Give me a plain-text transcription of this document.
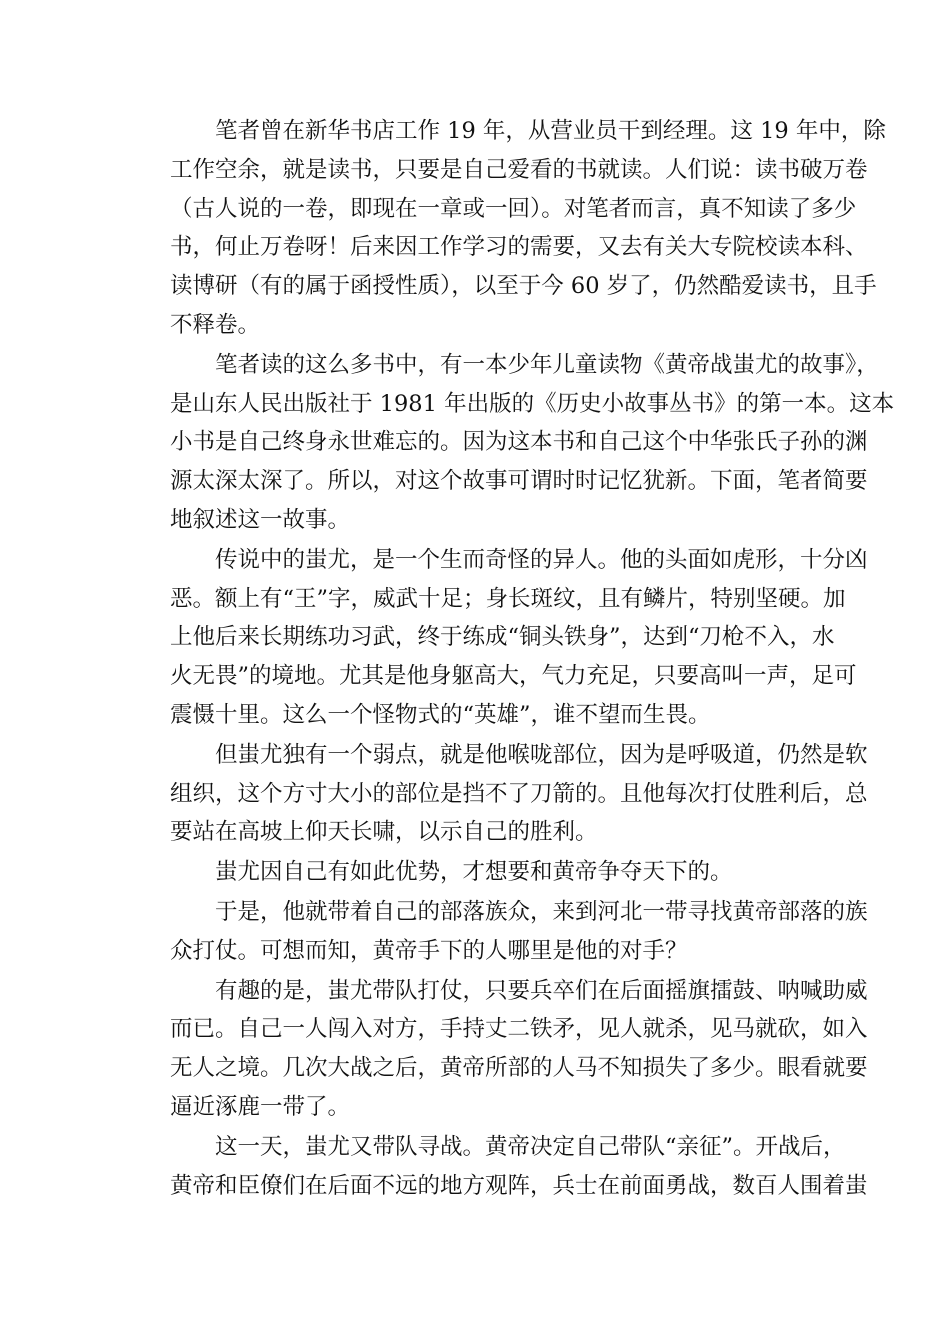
笔者曾在新华书店工作 19 年，从营业员干到经理。这 19 年中，除
工作空余，就是读书，只要是自己爱看的书就读。人们说：读书破万卷
（古人说的一卷，即现在一章或一回）。对笔者而言，真不知读了多少
书，何止万卷呀！后来因工作学习的需要，又去有关大专院校读本科、
读博研（有的属于函授性质），以至于今 60 岁了，仍然酷爱读书，且手
不释卷。
笔者读的这么多书中，有一本少年儿童读物《黄帝战蚩尤的故事》，
是山东人民出版社于 1981 年出版的《历史小故事丛书》的第一本。这本
小书是自己终身永世难忘的。因为这本书和自己这个中华张氏子孙的渊
源太深太深了。所以，对这个故事可谓时时记忆犹新。下面，笔者简要
地叙述这一故事。
传说中的蚩尤，是一个生而奇怪的异人。他的头面如虎形，十分凶
恶。额上有“王”字，威武十足；身长斑纹，且有鳞片，特别坚硬。加
上他后来长期练功习武，终于练成“铜头铁身”，达到“刀枪不入，水
火无畏”的境地。尤其是他身躯高大，气力充足，只要高叫一声，足可
震慑十里。这么一个怪物式的“英雄”，谁不望而生畏。
但蚩尤独有一个弱点，就是他喉咙部位，因为是呼吸道，仍然是软
组织，这个方寸大小的部位是挡不了刀箭的。且他每次打仗胜利后，总
要站在高坡上仰天长啸，以示自己的胜利。
蚩尤因自己有如此优势，才想要和黄帝争夺天下的。
于是，他就带着自己的部落族众，来到河北一带寻找黄帝部落的族
众打仗。可想而知，黄帝手下的人哪里是他的对手？
有趣的是，蚩尤带队打仗，只要兵卒们在后面摇旗擂鼓、呐喊助威
而已。自己一人闯入对方，手持丈二铁矛，见人就杀，见马就砍，如入
无人之境。几次大战之后，黄帝所部的人马不知损失了多少。眼看就要
逼近涿鹿一带了。
这一天，蚩尤又带队寻战。黄帝决定自己带队“亲征”。开战后，
黄帝和臣僚们在后面不远的地方观阵，兵士在前面勇战，数百人围着蚩
